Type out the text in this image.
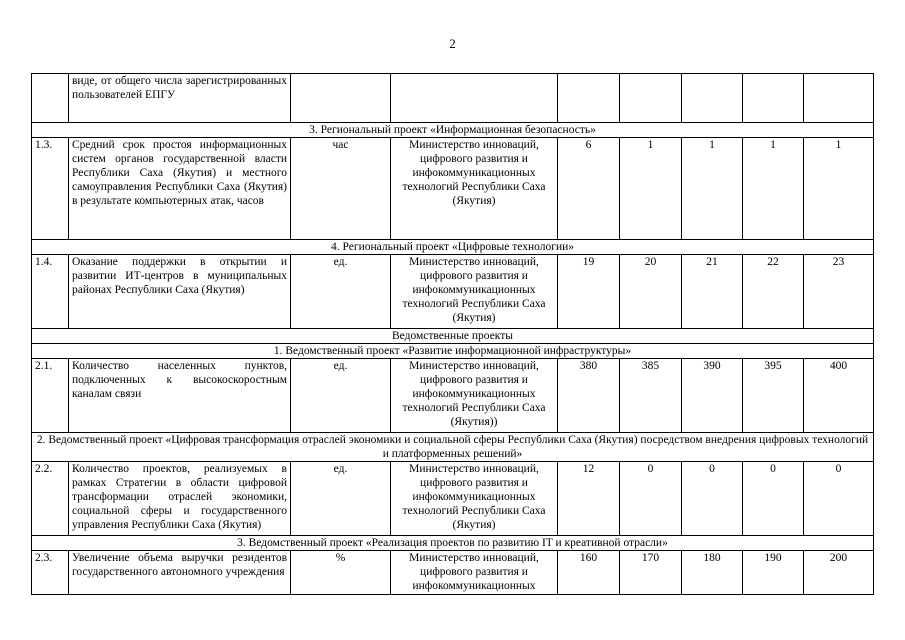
2

	виде, от общего числа зарегистрированных пользователей ЕПГУ							

3. Региональный проект «Информационная безопасность»								
1.3.	Средний срок простоя информационных систем органов государственной власти Республики Саха (Якутия) и местного самоуправления Республики Саха (Якутия) в результате компьютерных атак, часов	час	Министерство инноваций, цифрового развития и инфокоммуникационных технологий Республики Саха (Якутия)	6	1	1	1	1
4. Региональный проект «Цифровые технологии»								
1.4.	Оказание поддержки в открытии и развитии ИТ-центров в муниципальных районах Республики Саха (Якутия)	ед.	Министерство инноваций, цифрового развития и инфокоммуникационных технологий Республики Саха (Якутия)	19	20	21	22	23
Ведомственные проекты								
1. Ведомственный проект «Развитие информационной инфраструктуры»								
2.1.	Количество населенных пунктов, подключенных к высокоскоростным каналам связи	ед.	Министерство инноваций, цифрового развития и инфокоммуникационных технологий Республики Саха (Якутия))	380	385	390	395	400
2. Ведомственный проект «Цифровая трансформация отраслей экономики и социальной сферы Республики Саха (Якутия) посредством внедрения цифровых технологий и платформенных решений»								
2.2.	Количество проектов, реализуемых в рамках Стратегии в области цифровой трансформации отраслей экономики, социальной сферы и государственного управления Республики Саха (Якутия)	ед.	Министерство инноваций, цифрового развития и инфокоммуникационных технологий Республики Саха (Якутия)	12	0	0	0	0
3. Ведомственный проект «Реализация проектов по развитию IT и креативной отрасли»								
2.3.	Увеличение объема выручки резидентов государственного автономного учреждения	%	Министерство инноваций, цифрового развития и инфокоммуникационных	160	170	180	190	200
